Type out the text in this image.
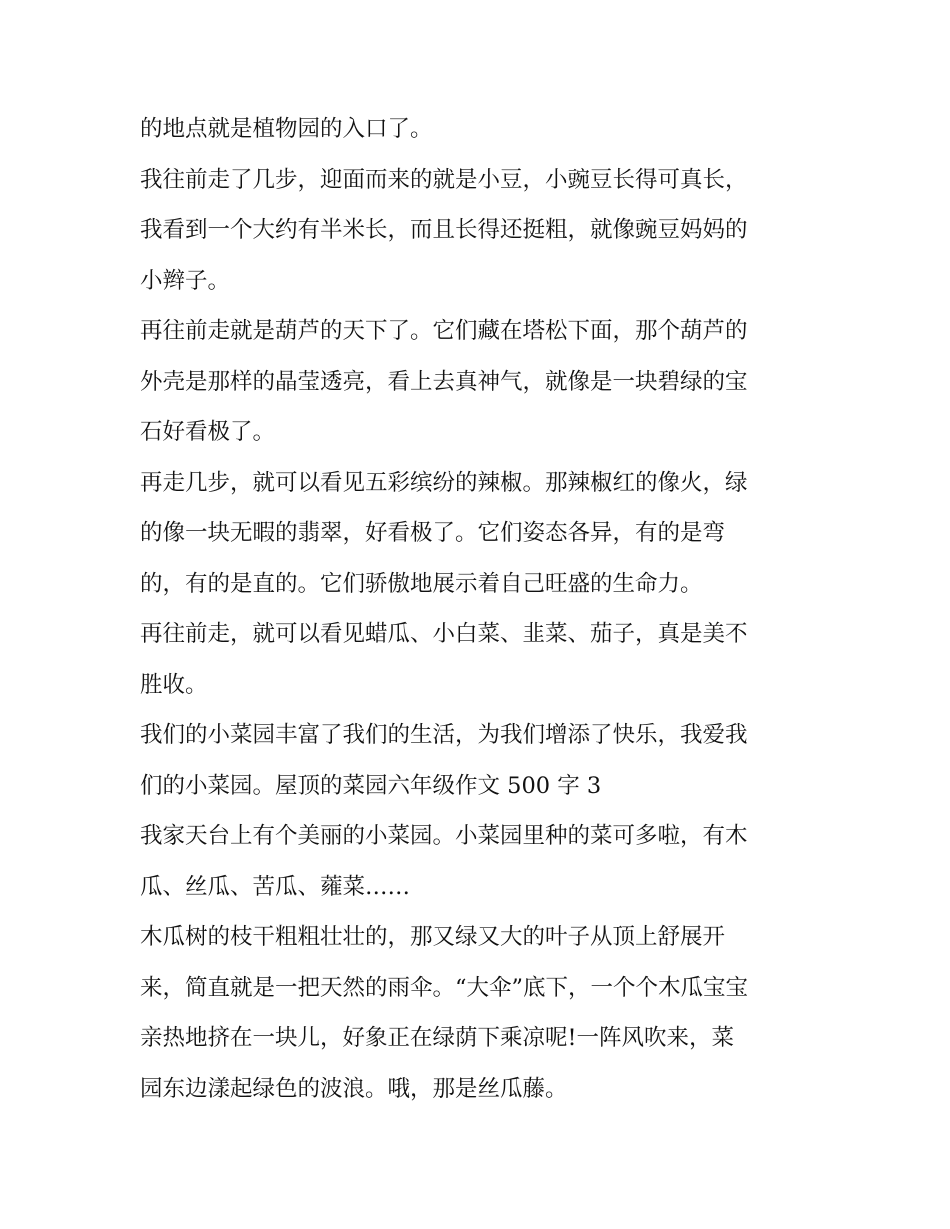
的地点就是植物园的入口了。
我往前走了几步，迎面而来的就是小豆，小豌豆长得可真长，
我看到一个大约有半米长，而且长得还挺粗，就像豌豆妈妈的
小辫子。
再往前走就是葫芦的天下了。它们藏在塔松下面，那个葫芦的
外壳是那样的晶莹透亮，看上去真神气，就像是一块碧绿的宝
石好看极了。
再走几步，就可以看见五彩缤纷的辣椒。那辣椒红的像火，绿
的像一块无暇的翡翠，好看极了。它们姿态各异，有的是弯
的，有的是直的。它们骄傲地展示着自己旺盛的生命力。
再往前走，就可以看见蜡瓜、小白菜、韭菜、茄子，真是美不
胜收。
我们的小菜园丰富了我们的生活，为我们增添了快乐，我爱我
们的小菜园。屋顶的菜园六年级作文 500 字 3
我家天台上有个美丽的小菜园。小菜园里种的菜可多啦，有木
瓜、丝瓜、苦瓜、蕹菜……
木瓜树的枝干粗粗壮壮的，那又绿又大的叶子从顶上舒展开
来，简直就是一把天然的雨伞。“大伞”底下，一个个木瓜宝宝
亲热地挤在一块儿，好象正在绿荫下乘凉呢!一阵风吹来，菜
园东边漾起绿色的波浪。哦，那是丝瓜藤。
